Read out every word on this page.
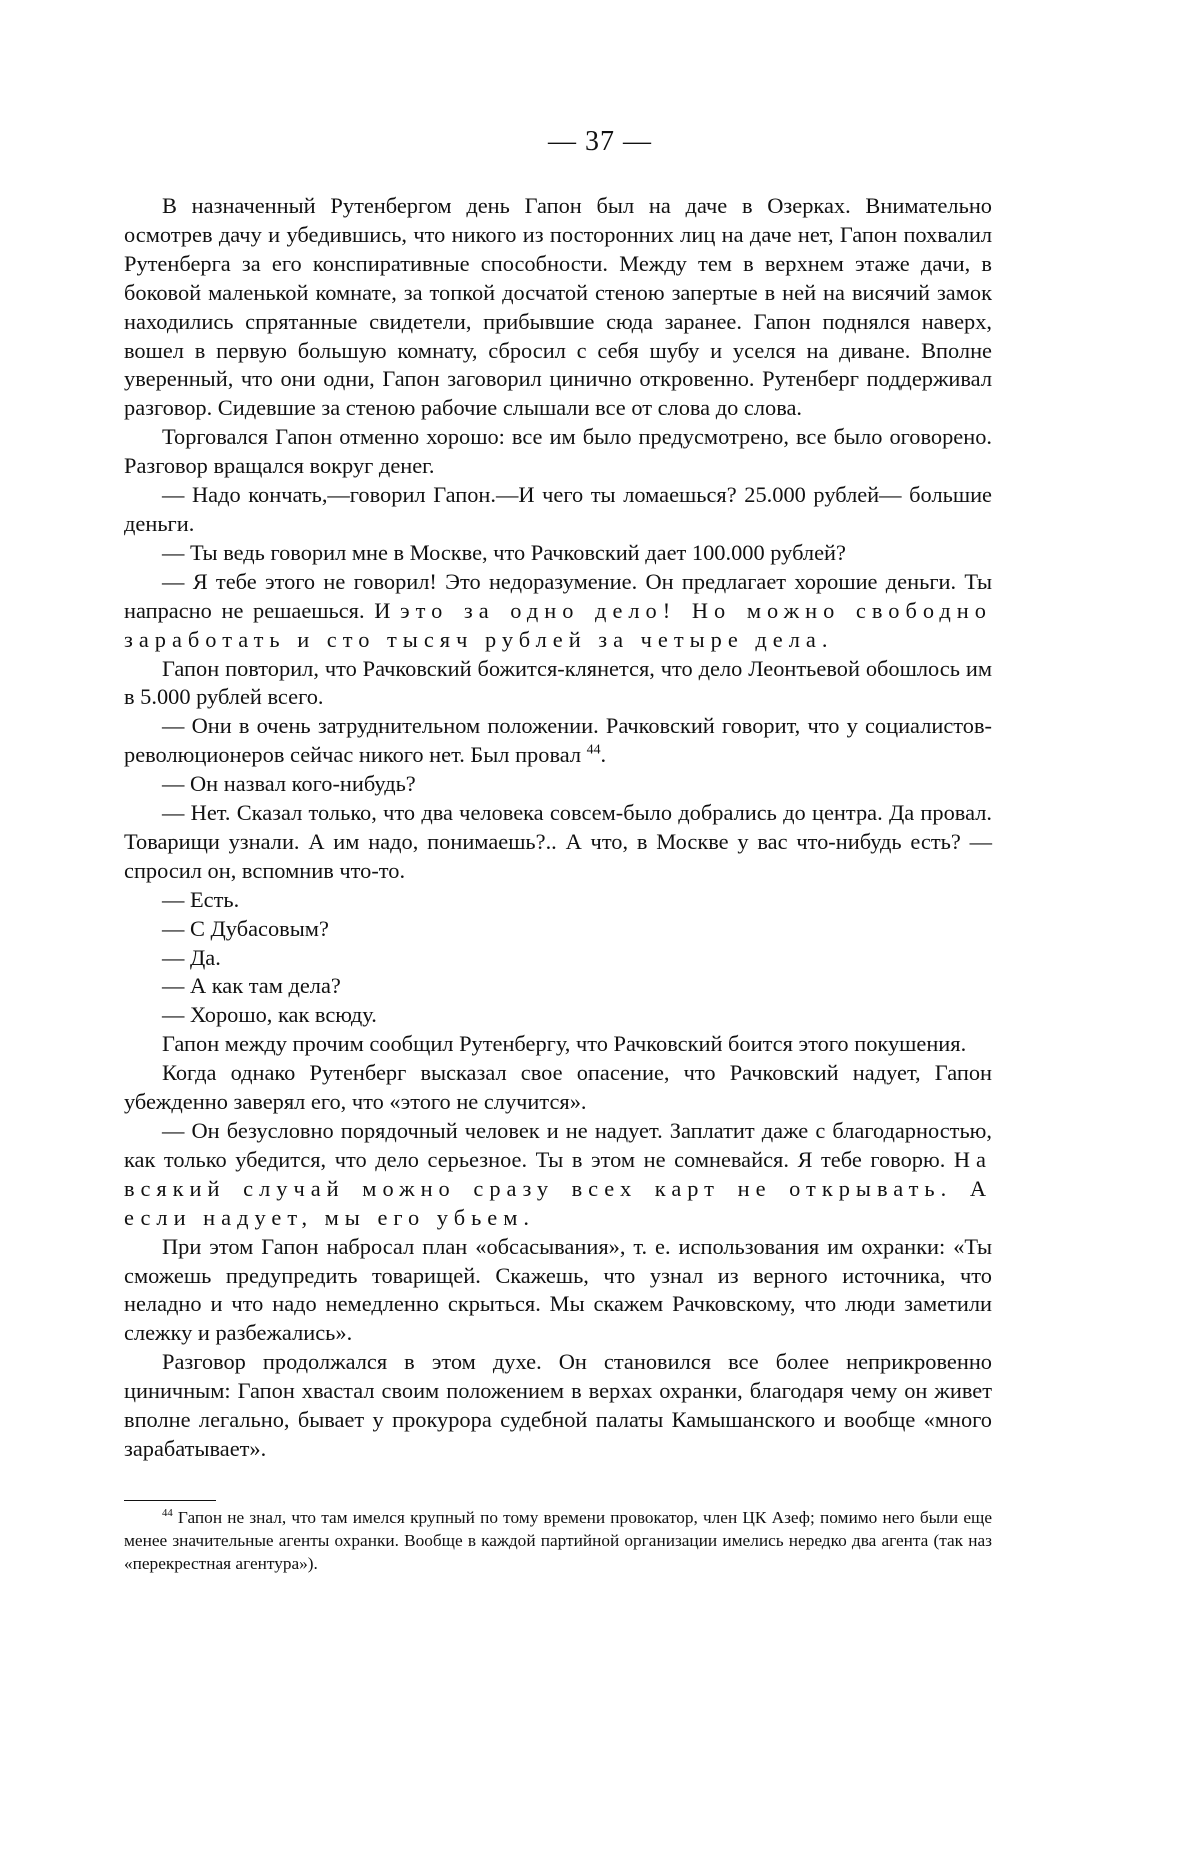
— 37 —

В назначенный Рутенбергом день Гапон был на даче в Озерках. Внимательно осмотрев дачу и убедившись, что никого из посторонних лиц на даче нет, Гапон похвалил Рутенберга за его конспиративные способности. Между тем в верхнем этаже дачи, в боковой маленькой комнате, за топкой досчатой стеною запертые в ней на висячий замок находились спрятанные свидетели, прибывшие сюда заранее. Гапон поднялся наверх, вошел в первую большую комнату, сбросил с себя шубу и уселся на диване. Вполне уверенный, что они одни, Гапон заговорил цинично откровенно. Рутенберг поддерживал разговор. Сидевшие за стеною рабочие слышали все от слова до слова.

Торговался Гапон отменно хорошо: все им было предусмотрено, все было оговорено. Разговор вращался вокруг денег.

— Надо кончать,—говорил Гапон.—И чего ты ломаешься? 25.000 рублей— большие деньги.

— Ты ведь говорил мне в Москве, что Рачковский дает 100.000 рублей?

— Я тебе этого не говорил! Это недоразумение. Он предлагает хорошие деньги. Ты напрасно не решаешься. И это за одно дело! Но можно свободно заработать и сто тысяч рублей за четыре дела.

Гапон повторил, что Рачковский божится-клянется, что дело Леонтьевой обошлось им в 5.000 рублей всего.

— Они в очень затруднительном положении. Рачковский говорит, что у социалистов-революционеров сейчас никого нет. Был провал $^{44}$.

— Он назвал кого-нибудь?

— Нет. Сказал только, что два человека совсем-было добрались до центра. Да провал. Товарищи узнали. А им надо, понимаешь?.. А что, в Москве у вас что-нибудь есть? — спросил он, вспомнив что-то.

— Есть.

— С Дубасовым?

— Да.

— А как там дела?

— Хорошо, как всюду.

Гапон между прочим сообщил Рутенбергу, что Рачковский боится этого покушения.

Когда однако Рутенберг высказал свое опасение, что Рачковский надует, Гапон убежденно заверял его, что «этого не случится».

— Он безусловно порядочный человек и не надует. Заплатит даже с благодарностью, как только убедится, что дело серьезное. Ты в этом не сомневайся. Я тебе говорю. На всякий случай можно сразу всех карт не открывать. А если надует, мы его убьем.

При этом Гапон набросал план «обсасывания», т. е. использования им охранки: «Ты сможешь предупредить товарищей. Скажешь, что узнал из верного источника, что неладно и что надо немедленно скрыться. Мы скажем Рачковскому, что люди заметили слежку и разбежались».

Разговор продолжался в этом духе. Он становился все более неприкровенно циничным: Гапон хвастал своим положением в верхах охранки, благодаря чему он живет вполне легально, бывает у прокурора судебной палаты Камышанского и вообще «много зарабатывает».

$^{44}$ Гапон не знал, что там имелся крупный по тому времени провокатор, член ЦК Азеф; помимо него были еще менее значительные агенты охранки. Вообще в каждой партийной организации имелись нередко два агента (так наз «перекрестная агентура»).
